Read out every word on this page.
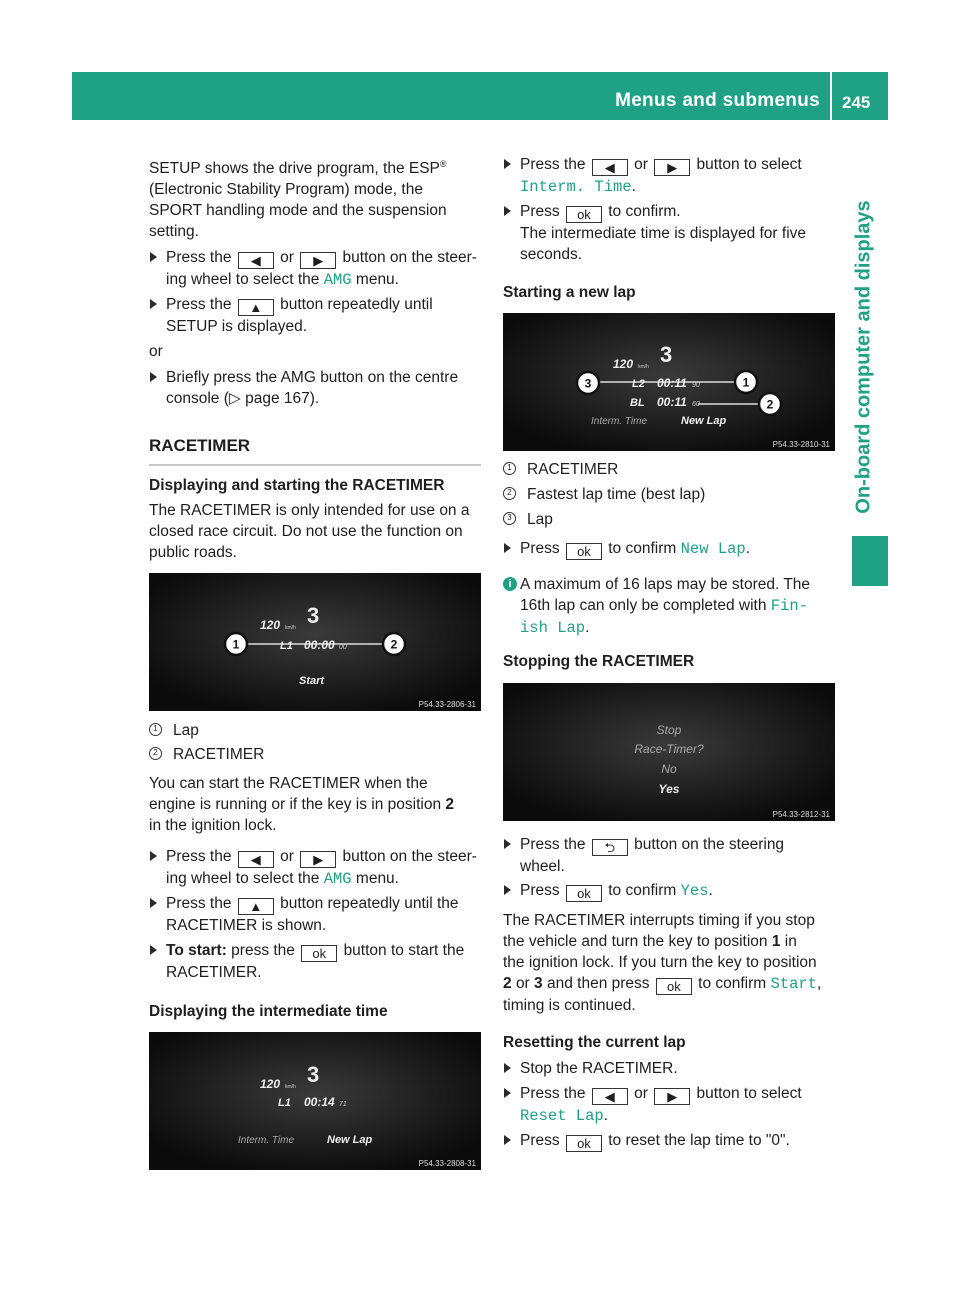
Menus and submenus 245
On-board computer and displays
SETUP shows the drive program, the ESP®
(Electronic Stability Program) mode, the
SPORT handling mode and the suspension
setting.
Press the ◀ or ▶ button on the steer-
ing wheel to select the AMG menu.
Press the ▲ button repeatedly until
SETUP is displayed.
or
Briefly press the AMG button on the centre
console (▷ page 167).
RACETIMER
Displaying and starting the RACETIMER
The RACETIMER is only intended for use on a
closed race circuit. Do not use the function on
public roads.
120 km/h 3
L1 00:00 00
1	2
Start
P54.33-2806-31
1 Lap
2 RACETIMER
You can start the RACETIMER when the
engine is running or if the key is in position 2
in the ignition lock.
Press the ◀ or ▶ button on the steer-
ing wheel to select the AMG menu.
Press the ▲ button repeatedly until the
RACETIMER is shown.
To start: press the ok button to start the
RACETIMER.
Displaying the intermediate time
120 km/h 3
L1 00:14 71
Interm. Time	New Lap
P54.33-2808-31
Press the ◀ or ▶ button to select
Interm. Time.
Press ok to confirm.
The intermediate time is displayed for five
seconds.
Starting a new lap
120 km/h 3
L2 00:11 90
BL 00:11 60
3	1
2
Interm. Time	New Lap
P54.33-2810-31
1 RACETIMER
2 Fastest lap time (best lap)
3 Lap
Press ok to confirm New Lap.
i A maximum of 16 laps may be stored. The
16th lap can only be completed with Fin‐
ish Lap.
Stopping the RACETIMER
Stop
Race-Timer?
No
Yes
P54.33-2812-31
Press the ⮌ button on the steering
wheel.
Press ok to confirm Yes.
The RACETIMER interrupts timing if you stop
the vehicle and turn the key to position 1 in
the ignition lock. If you turn the key to position
2 or 3 and then press ok to confirm Start,
timing is continued.
Resetting the current lap
Stop the RACETIMER.
Press the ◀ or ▶ button to select
Reset Lap.
Press ok to reset the lap time to "0".
